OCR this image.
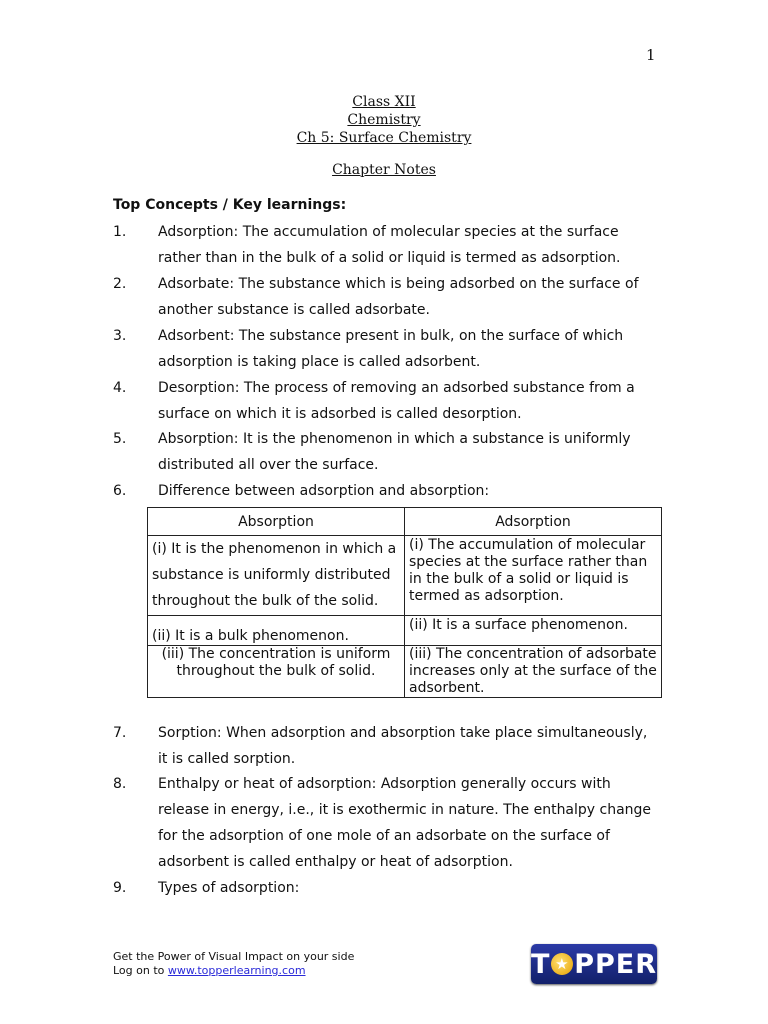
1
Class XII
Chemistry
Ch 5: Surface Chemistry
Chapter Notes
Top Concepts / Key learnings:
1. Adsorption: The accumulation of molecular species at the surface rather than in the bulk of a solid or liquid is termed as adsorption.
2. Adsorbate: The substance which is being adsorbed on the surface of another substance is called adsorbate.
3. Adsorbent: The substance present in bulk, on the surface of which adsorption is taking place is called adsorbent.
4. Desorption: The process of removing an adsorbed substance from a surface on which it is adsorbed is called desorption.
5. Absorption: It is the phenomenon in which a substance is uniformly distributed all over the surface.
6. Difference between adsorption and absorption:
Absorption	Adsorption
(i) It is the phenomenon in which a substance is uniformly distributed throughout the bulk of the solid.	(i) The accumulation of molecular species at the surface rather than in the bulk of a solid or liquid is termed as adsorption.
(ii) It is a bulk phenomenon.	(ii) It is a surface phenomenon.
(iii) The concentration is uniform throughout the bulk of solid.	(iii) The concentration of adsorbate increases only at the surface of the adsorbent.
7. Sorption: When adsorption and absorption take place simultaneously, it is called sorption.
8. Enthalpy or heat of adsorption: Adsorption generally occurs with release in energy, i.e., it is exothermic in nature. The enthalpy change for the adsorption of one mole of an adsorbate on the surface of adsorbent is called enthalpy or heat of adsorption.
9. Types of adsorption:
Get the Power of Visual Impact on your side
Log on to www.topperlearning.com	T ★ PPER
